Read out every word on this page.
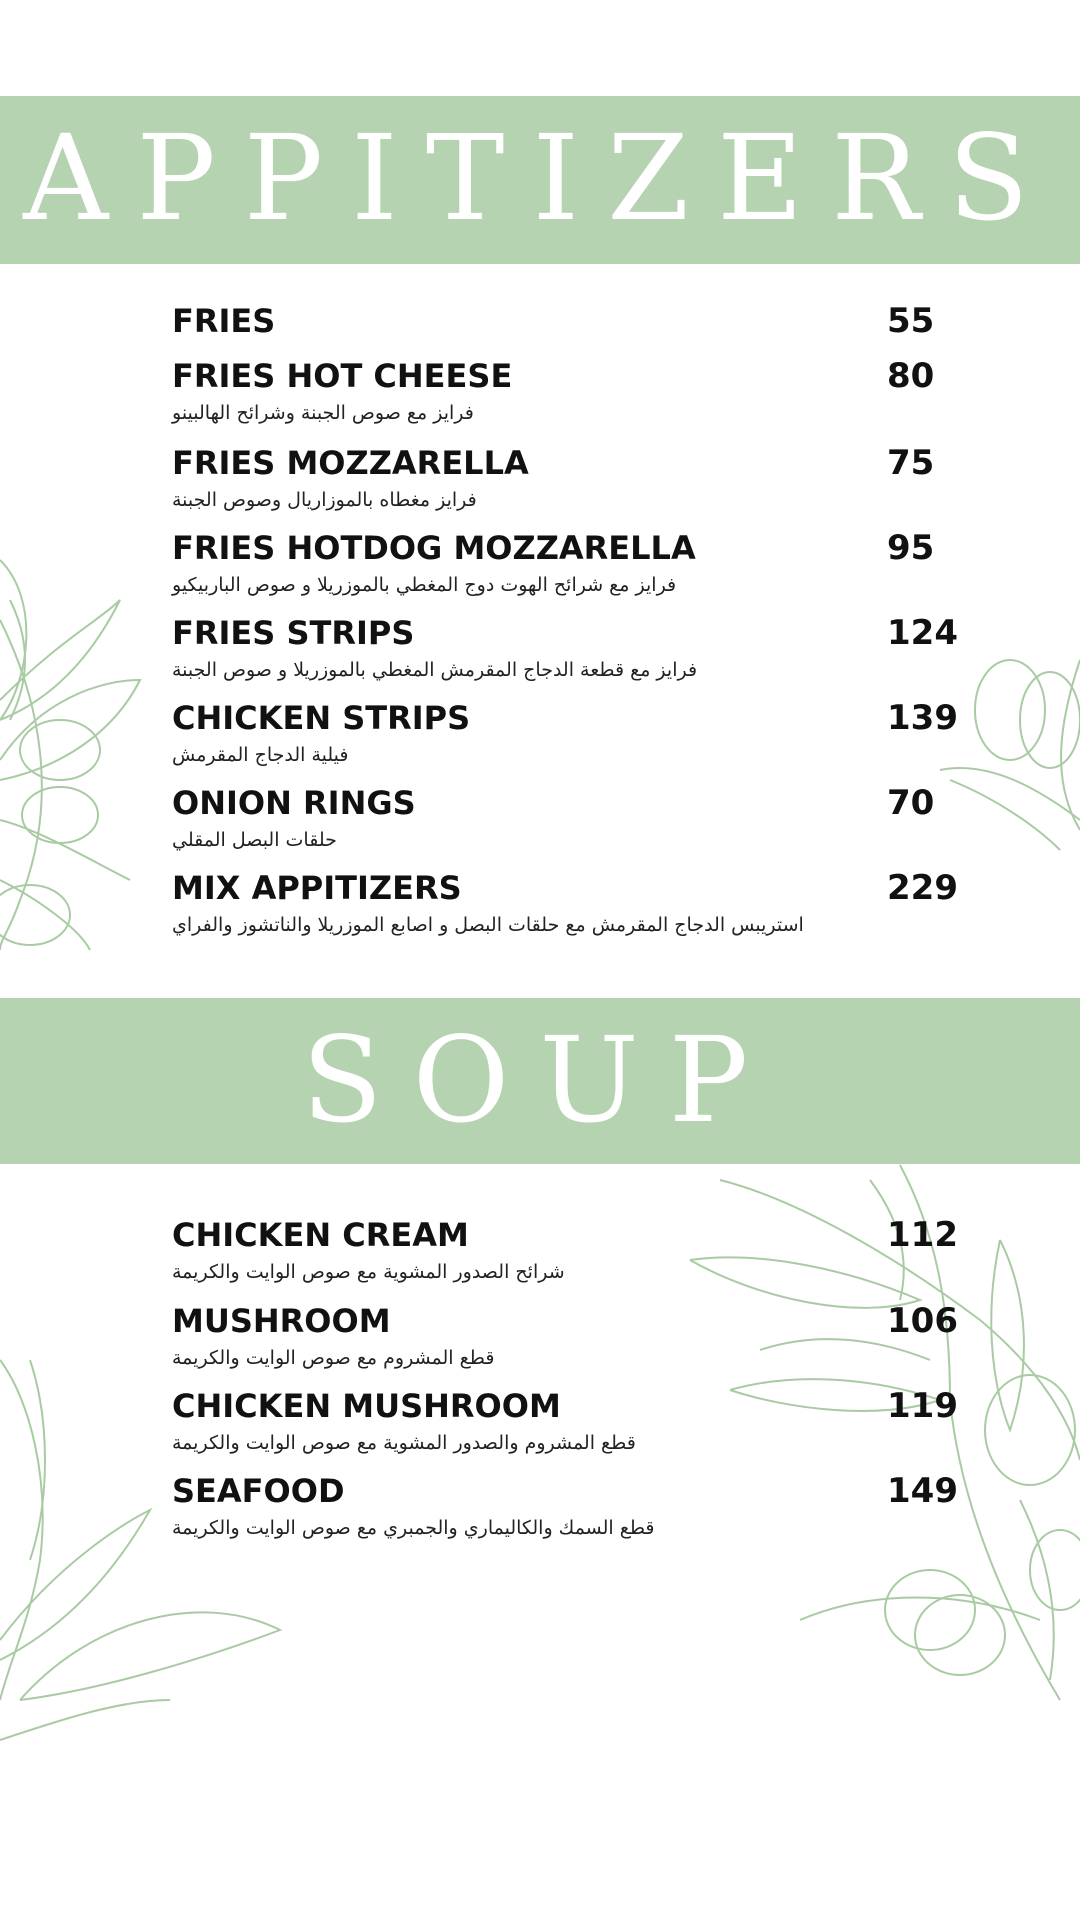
APPITIZERS
FRIES	55
FRIES HOT CHEESE
فرايز مع صوص الجبنة وشرائح الهالبينو
80
FRIES MOZZARELLA
فرايز مغطاه بالموزاريال وصوص الجبنة
75
FRIES HOTDOG MOZZARELLA
فرايز مع شرائح الهوت دوج المغطي بالموزريلا و صوص الباربيكيو
95
FRIES STRIPS
فرايز مع قطعة الدجاج المقرمش المغطي بالموزريلا و صوص الجبنة
124
CHICKEN STRIPS
فيلية الدجاج المقرمش
139
ONION RINGS
حلقات البصل المقلي
70
MIX APPITIZERS
استريبس الدجاج المقرمش مع حلقات البصل و اصابع الموزريلا والناتشوز والفراي
229
SOUP
CHICKEN CREAM
شرائح الصدور المشوية مع صوص الوايت والكريمة
112
MUSHROOM
قطع المشروم مع صوص الوايت والكريمة
106
CHICKEN MUSHROOM
قطع المشروم والصدور المشوية مع صوص الوايت والكريمة
119
SEAFOOD
قطع السمك والكاليماري والجمبري مع صوص الوايت والكريمة
149
